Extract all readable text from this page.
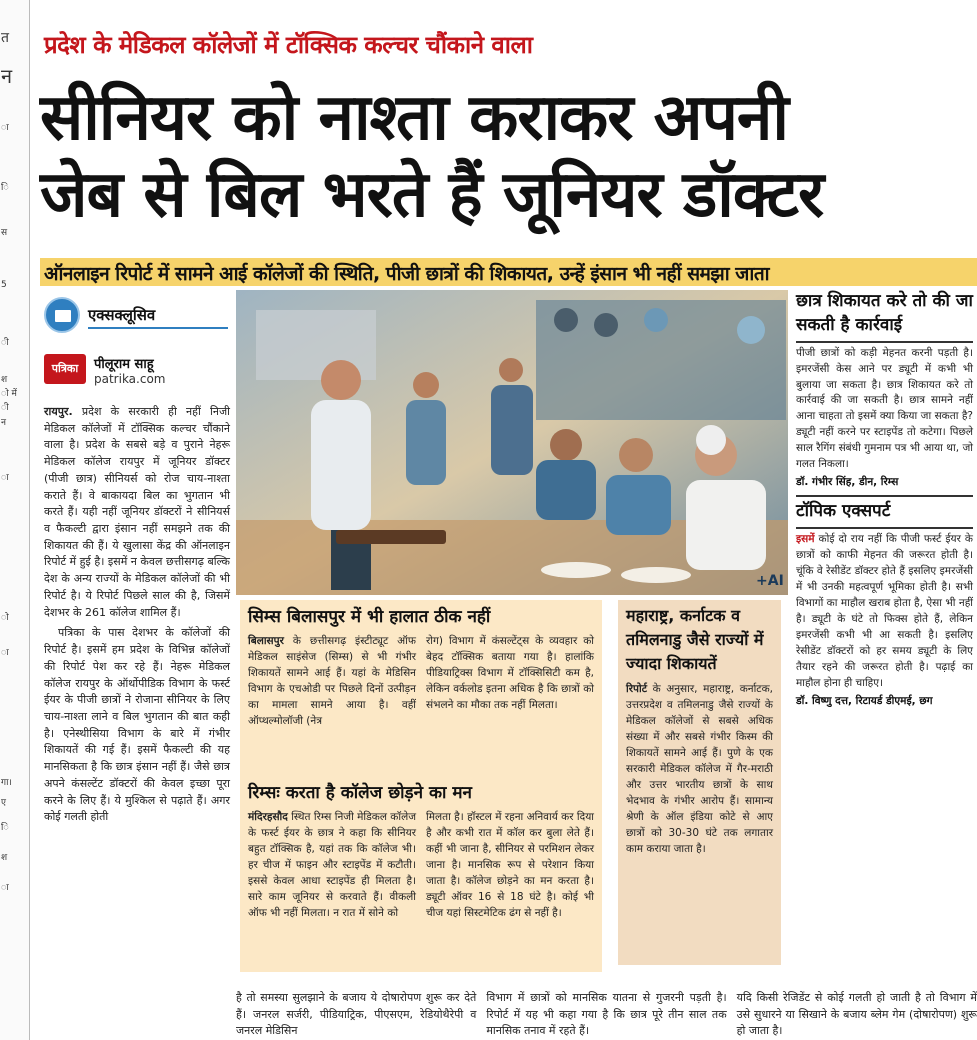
त
न
ा
ि
स
5
ी
श
ो में
ी
न
ा
ो
ा
गा।
ए
ि
श
ा
प्रदेश के मेडिकल कॉलेजों में टॉक्सिक कल्चर चौंकाने वाला
सीनियर को नाश्ता कराकर अपनी
जेब से बिल भरते हैं जूनियर डॉक्टर
ऑनलाइन रिपोर्ट में सामने आई कॉलेजों की स्थिति, पीजी छात्रों की शिकायत, उन्हें इंसान भी नहीं समझा जाता
एक्सक्लूसिव
पत्रिका	पीलूराम साहू
patrika.com

रायपुर. प्रदेश के सरकारी ही नहीं निजी मेडिकल कॉलेजों में टॉक्सिक कल्चर चौंकाने वाला है। प्रदेश के सबसे बड़े व पुराने नेहरू मेडिकल कॉलेज रायपुर में जूनियर डॉक्टर (पीजी छात्र) सीनियर्स को रोज चाय-नाश्ता कराते हैं। वे बाकायदा बिल का भुगतान भी करते हैं। यही नहीं जूनियर डॉक्टरों ने सीनियर्स व फैकल्टी द्वारा इंसान नहीं समझने तक की शिकायत की हैं। ये खुलासा केंद्र की ऑनलाइन रिपोर्ट में हुई है। इसमें न केवल छत्तीसगढ़ बल्कि देश के अन्य राज्यों के मेडिकल कॉलेजों की भी रिपोर्ट है। ये रिपोर्ट पिछले साल की है, जिसमें देशभर के 261 कॉलेज शामिल हैं।

पत्रिका के पास देशभर के कॉलेजों की रिपोर्ट है। इसमें हम प्रदेश के विभिन्न कॉलेजों की रिपोर्ट पेश कर रहे हैं। नेहरू मेडिकल कॉलेज रायपुर के ऑर्थोपीडिक विभाग के फर्स्ट ईयर के पीजी छात्रों ने रोजाना सीनियर के लिए चाय-नाश्ता लाने व बिल भुगतान की बात कही है। एनेस्थीसिया विभाग के बारे में गंभीर शिकायतें की गई हैं। इसमें फैकल्टी की यह मानसिकता है कि छात्र इंसान नहीं हैं। जैसे छात्र अपने कंसल्टेंट डॉक्टरों की केवल इच्छा पूरा करने के लिए हैं। ये मुश्किल से पढ़ाते हैं। अगर कोई गलती होती

+AI
सिम्स बिलासपुर में भी हालात ठीक नहीं
बिलासपुर के छत्तीसगढ़ इंस्टीट्यूट ऑफ मेडिकल साइंसेज (सिम्स) से भी गंभीर शिकायतें सामने आई हैं। यहां के मेडिसिन विभाग के एचओडी पर पिछले दिनों उत्पीड़न का मामला सामने आया है। वहीं ऑप्थल्मोलॉजी (नेत्र
रोग) विभाग में कंसल्टेंट्स के व्यवहार को बेहद टॉक्सिक बताया गया है। हालांकि पीडियाट्रिक्स विभाग में टॉक्सिसिटी कम है, लेकिन वर्कलोड इतना अधिक है कि छात्रों को संभलने का मौका तक नहीं मिलता।
रिम्सः करता है कॉलेज छोड़ने का मन
मंदिरहसौद स्थित रिम्स निजी मेडिकल कॉलेज के फर्स्ट ईयर के छात्र ने कहा कि सीनियर बहुत टॉक्सिक है, यहां तक कि कॉलेज भी। हर चीज में फाइन और स्टाइपेंड में कटौती। इससे केवल आधा स्टाइपेंड ही मिलता है। सारे काम जूनियर से करवाते हैं। वीकली ऑफ भी नहीं मिलता। न रात में सोने को
मिलता है। हॉस्टल में रहना अनिवार्य कर दिया है और कभी रात में कॉल कर बुला लेते हैं। कहीं भी जाना है, सीनियर से परमिशन लेकर जाना है। मानसिक रूप से परेशान किया जाता है। कॉलेज छोड़ने का मन करता है। ड्यूटी ऑवर 16 से 18 घंटे है। कोई भी चीज यहां सिस्टमेटिक ढंग से नहीं है।
महाराष्ट्र, कर्नाटक व तमिलनाडु जैसे राज्यों में ज्यादा शिकायतें
रिपोर्ट के अनुसार, महाराष्ट्र, कर्नाटक, उत्तरप्रदेश व तमिलनाडु जैसे राज्यों के मेडिकल कॉलेजों से सबसे अधिक संख्या में और सबसे गंभीर किस्म की शिकायतें सामने आई हैं। पुणे के एक सरकारी मेडिकल कॉलेज में गैर-मराठी और उत्तर भारतीय छात्रों के साथ भेदभाव के गंभीर आरोप हैं। सामान्य श्रेणी के ऑल इंडिया कोटे से आए छात्रों को 30-30 घंटे तक लगातार काम कराया जाता है।
छात्र शिकायत करे तो की जा सकती है कार्रवाई
पीजी छात्रों को कड़ी मेहनत करनी पड़ती है। इमरजेंसी केस आने पर ड्यूटी में कभी भी बुलाया जा सकता है। छात्र शिकायत करे तो कार्रवाई की जा सकती है। छात्र सामने नहीं आना चाहता तो इसमें क्या किया जा सकता है? ड्यूटी नहीं करने पर स्टाइपेंड तो कटेगा। पिछले साल रैगिंग संबंधी गुमनाम पत्र भी आया था, जो गलत निकला।
डॉ. गंभीर सिंह, डीन, रिम्स
टॉपिक एक्सपर्ट
इसमें कोई दो राय नहीं कि पीजी फर्स्ट ईयर के छात्रों को काफी मेहनत की जरूरत होती है। चूंकि वे रेसीडेंट डॉक्टर होते हैं इसलिए इमरजेंसी में भी उनकी महत्वपूर्ण भूमिका होती है। सभी विभागों का माहौल खराब होता है, ऐसा भी नहीं है। ड्यूटी के घंटे तो फिक्स होते हैं, लेकिन इमरजेंसी कभी भी आ सकती है। इसलिए रेसीडेंट डॉक्टरों को हर समय ड्यूटी के लिए तैयार रहने की जरूरत होती है। पढ़ाई का माहौल होना ही चाहिए।
डॉ. विष्णु दत्त, रिटायर्ड डीएमई, छग
है तो समस्या सुलझाने के बजाय ये दोषारोपण शुरू कर देते हैं। जनरल सर्जरी, पीडियाट्रिक, पीएसएम, रेडियोथैरेपी व जनरल मेडिसिन
विभाग में छात्रों को मानसिक यातना से गुजरनी पड़ती है। रिपोर्ट में यह भी कहा गया है कि छात्र पूरे तीन साल तक मानसिक तनाव में रहते हैं।
यदि किसी रेजिडेंट से कोई गलती हो जाती है तो विभाग में उसे सुधारने या सिखाने के बजाय ब्लेम गेम (दोषारोपण) शुरू हो जाता है।
